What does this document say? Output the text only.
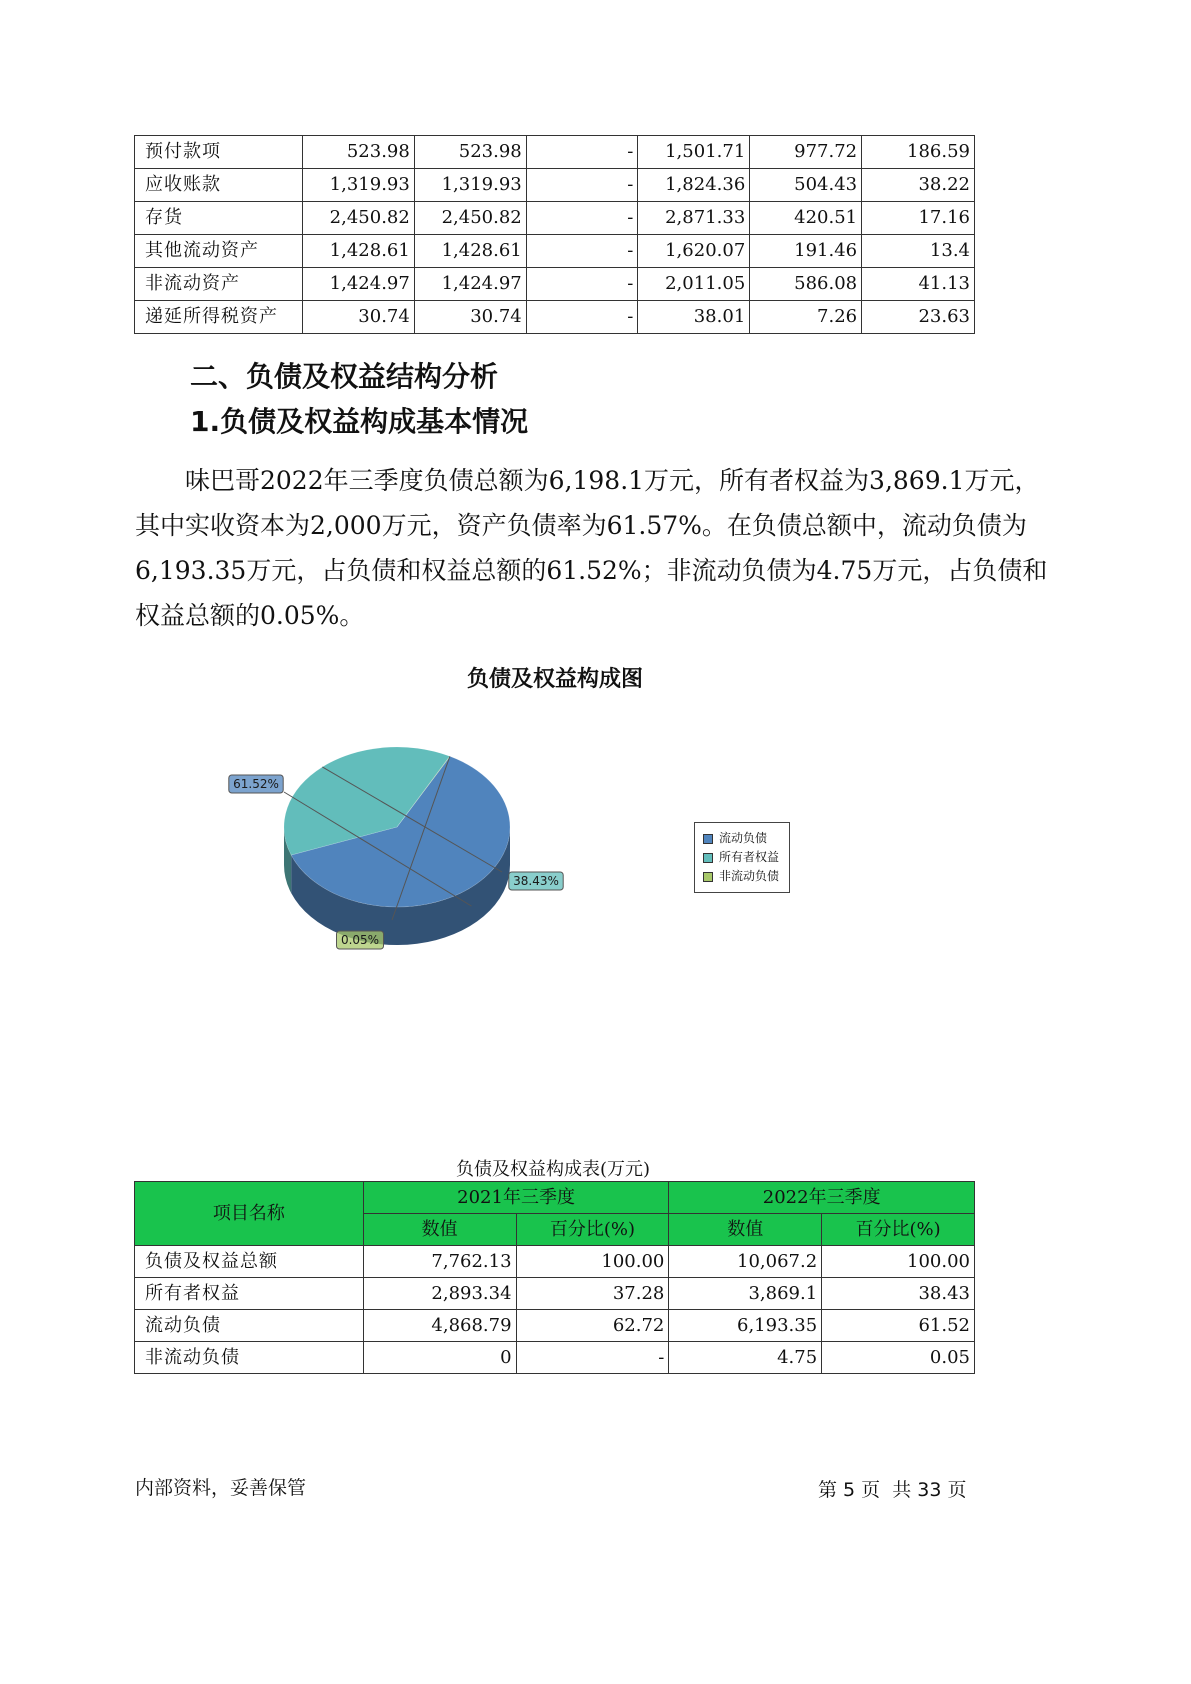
预付款项	523.98	523.98	-	1,501.71	977.72	186.59
应收账款	1,319.93	1,319.93	-	1,824.36	504.43	38.22
存货	2,450.82	2,450.82	-	2,871.33	420.51	17.16
其他流动资产	1,428.61	1,428.61	-	1,620.07	191.46	13.4
非流动资产	1,424.97	1,424.97	-	2,011.05	586.08	41.13
递延所得税资产	30.74	30.74	-	38.01	7.26	23.63
二、负债及权益结构分析
1.负债及权益构成基本情况
味巴哥2022年三季度负债总额为6,198.1万元，所有者权益为3,869.1万元，其中实收资本为2,000万元，资产负债率为61.57%。在负债总额中，流动负债为6,193.35万元，占负债和权益总额的61.52%；非流动负债为4.75万元，占负债和权益总额的0.05%。
负债及权益构成图
61.52%
38.43%
0.05%
流动负债
所有者权益
非流动负债
负债及权益构成表(万元)
项目名称	2021年三季度		2022年三季度	
	数值	百分比(%)	数值	百分比(%)
负债及权益总额	7,762.13	100.00	10,067.2	100.00
所有者权益	2,893.34	37.28	3,869.1	38.43
流动负债	4,868.79	62.72	6,193.35	61.52
非流动负债	0	-	4.75	0.05
内部资料，妥善保管	第 5 页  共 33 页
